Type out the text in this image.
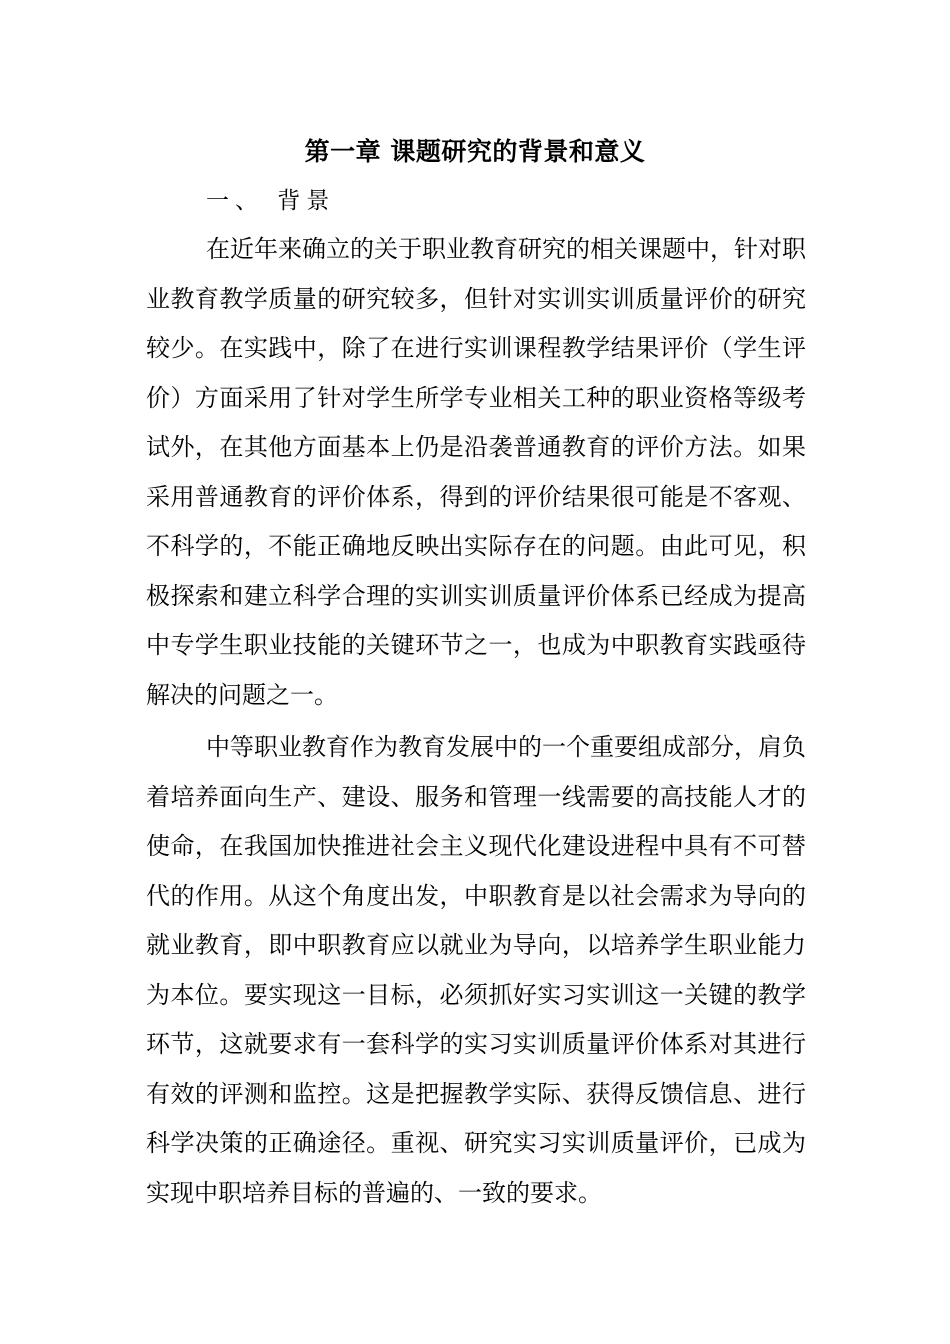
第一章 课题研究的背景和意义
一、 背景

在近年来确立的关于职业教育研究的相关课题中，针对职业教育教学质量的研究较多，但针对实训实训质量评价的研究较少。在实践中，除了在进行实训课程教学结果评价（学生评价）方面采用了针对学生所学专业相关工种的职业资格等级考试外，在其他方面基本上仍是沿袭普通教育的评价方法。如果采用普通教育的评价体系，得到的评价结果很可能是不客观、不科学的，不能正确地反映出实际存在的问题。由此可见，积极探索和建立科学合理的实训实训质量评价体系已经成为提高中专学生职业技能的关键环节之一，也成为中职教育实践亟待解决的问题之一。

中等职业教育作为教育发展中的一个重要组成部分，肩负着培养面向生产、建设、服务和管理一线需要的高技能人才的使命，在我国加快推进社会主义现代化建设进程中具有不可替代的作用。从这个角度出发，中职教育是以社会需求为导向的就业教育，即中职教育应以就业为导向，以培养学生职业能力为本位。要实现这一目标，必须抓好实习实训这一关键的教学环节，这就要求有一套科学的实习实训质量评价体系对其进行有效的评测和监控。这是把握教学实际、获得反馈信息、进行科学决策的正确途径。重视、研究实习实训质量评价，已成为实现中职培养目标的普遍的、一致的要求。
